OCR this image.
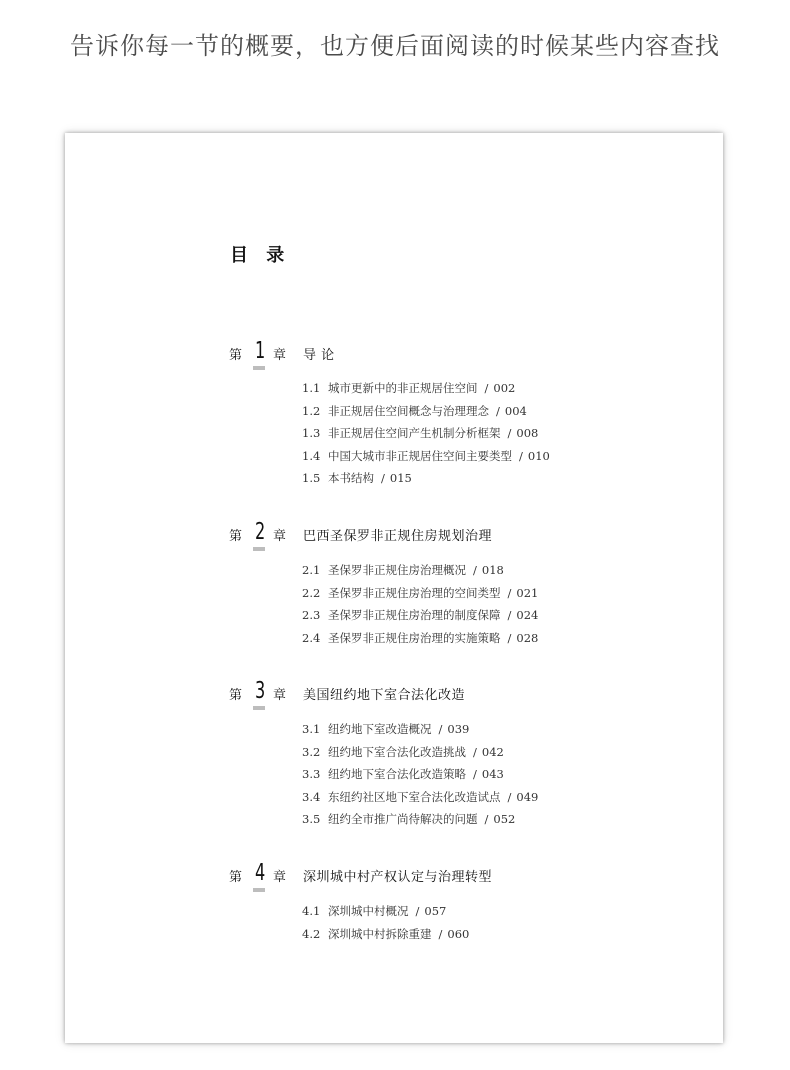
告诉你每一节的概要，也方便后面阅读的时候某些内容查找
目 录
第 1 章 导 论
1.1 城市更新中的非正规居住空间 / 002
1.2 非正规居住空间概念与治理理念 / 004
1.3 非正规居住空间产生机制分析框架 / 008
1.4 中国大城市非正规居住空间主要类型 / 010
1.5 本书结构 / 015
第 2 章 巴西圣保罗非正规住房规划治理
2.1 圣保罗非正规住房治理概况 / 018
2.2 圣保罗非正规住房治理的空间类型 / 021
2.3 圣保罗非正规住房治理的制度保障 / 024
2.4 圣保罗非正规住房治理的实施策略 / 028
第 3 章 美国纽约地下室合法化改造
3.1 纽约地下室改造概况 / 039
3.2 纽约地下室合法化改造挑战 / 042
3.3 纽约地下室合法化改造策略 / 043
3.4 东纽约社区地下室合法化改造试点 / 049
3.5 纽约全市推广尚待解决的问题 / 052
第 4 章 深圳城中村产权认定与治理转型
4.1 深圳城中村概况 / 057
4.2 深圳城中村拆除重建 / 060
